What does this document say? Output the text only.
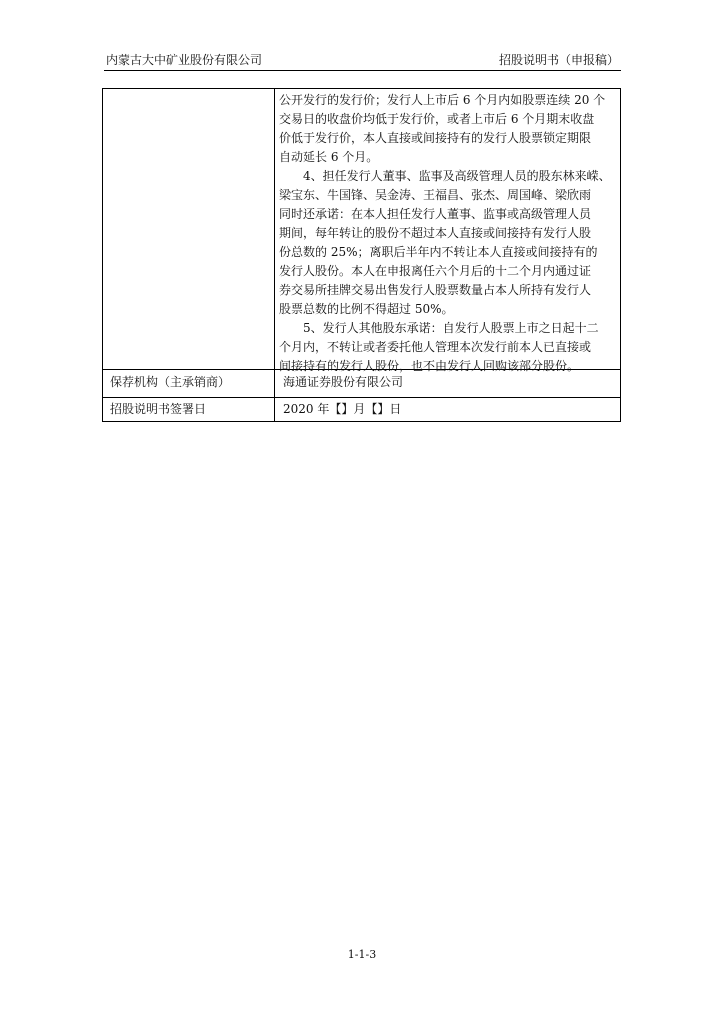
内蒙古大中矿业股份有限公司	招股说明书（申报稿）
公开发行的发行价；发行人上市后 6 个月内如股票连续 20 个
交易日的收盘价均低于发行价，或者上市后 6 个月期末收盘
价低于发行价，本人直接或间接持有的发行人股票锁定期限
自动延长 6 个月。
4、担任发行人董事、监事及高级管理人员的股东林来嵘、
梁宝东、牛国锋、吴金涛、王福昌、张杰、周国峰、梁欣雨
同时还承诺：在本人担任发行人董事、监事或高级管理人员
期间，每年转让的股份不超过本人直接或间接持有发行人股
份总数的 25%；离职后半年内不转让本人直接或间接持有的
发行人股份。本人在申报离任六个月后的十二个月内通过证
券交易所挂牌交易出售发行人股票数量占本人所持有发行人
股票总数的比例不得超过 50%。
5、发行人其他股东承诺：自发行人股票上市之日起十二
个月内，不转让或者委托他人管理本次发行前本人已直接或
间接持有的发行人股份，也不由发行人回购该部分股份。
保荐机构（主承销商）	海通证券股份有限公司
招股说明书签署日	2020 年【】月【】日
1-1-3
